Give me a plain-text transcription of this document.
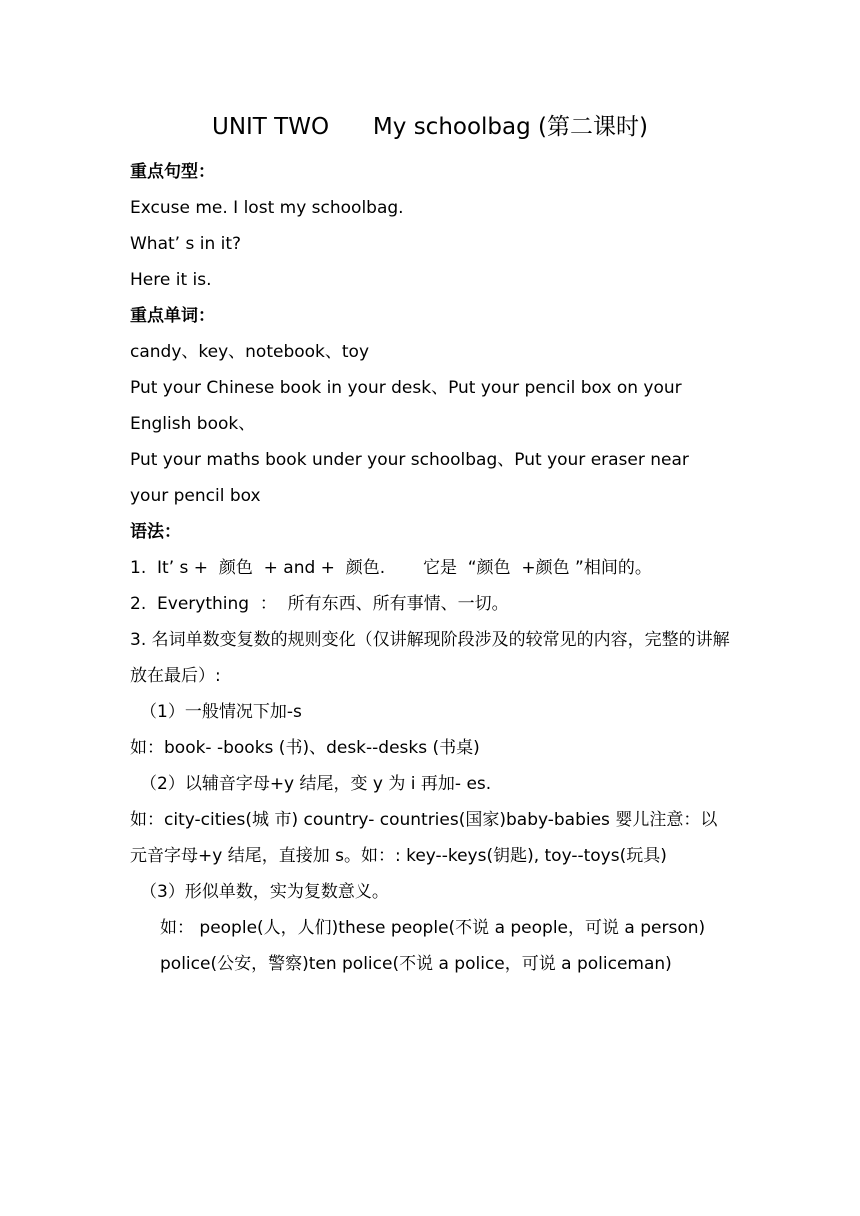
UNIT TWO      My schoolbag (第二课时)
重点句型：
Excuse me. I lost my schoolbag.
What’ s in it?
Here it is.
重点单词：
candy、key、notebook、toy
Put your Chinese book in your desk、Put your pencil box on your English book、
Put your maths book under your schoolbag、Put your eraser near your pencil box
语法：
1.  It’ s +  颜色  + and +  颜色.       它是  “颜色  +颜色 ”相间的。
2.  Everything  ：  所有东西、所有事情、一切。
3. 名词单数变复数的规则变化（仅讲解现阶段涉及的较常见的内容，完整的讲解放在最后）:
（1）一般情况下加-s
如：book- -books (书)、desk--desks (书桌)
（2）以辅音字母+y 结尾，变 y 为 i 再加- es.
如：city-cities(城 市) country- countries(国家)baby-babies 婴儿注意：以元音字母+y 结尾，直接加 s。如：: key--keys(钥匙), toy--toys(玩具)
（3）形似单数，实为复数意义。
如： people(人，人们)these people(不说 a people，可说 a person)
police(公安，警察)ten police(不说 a police，可说 a policeman)
